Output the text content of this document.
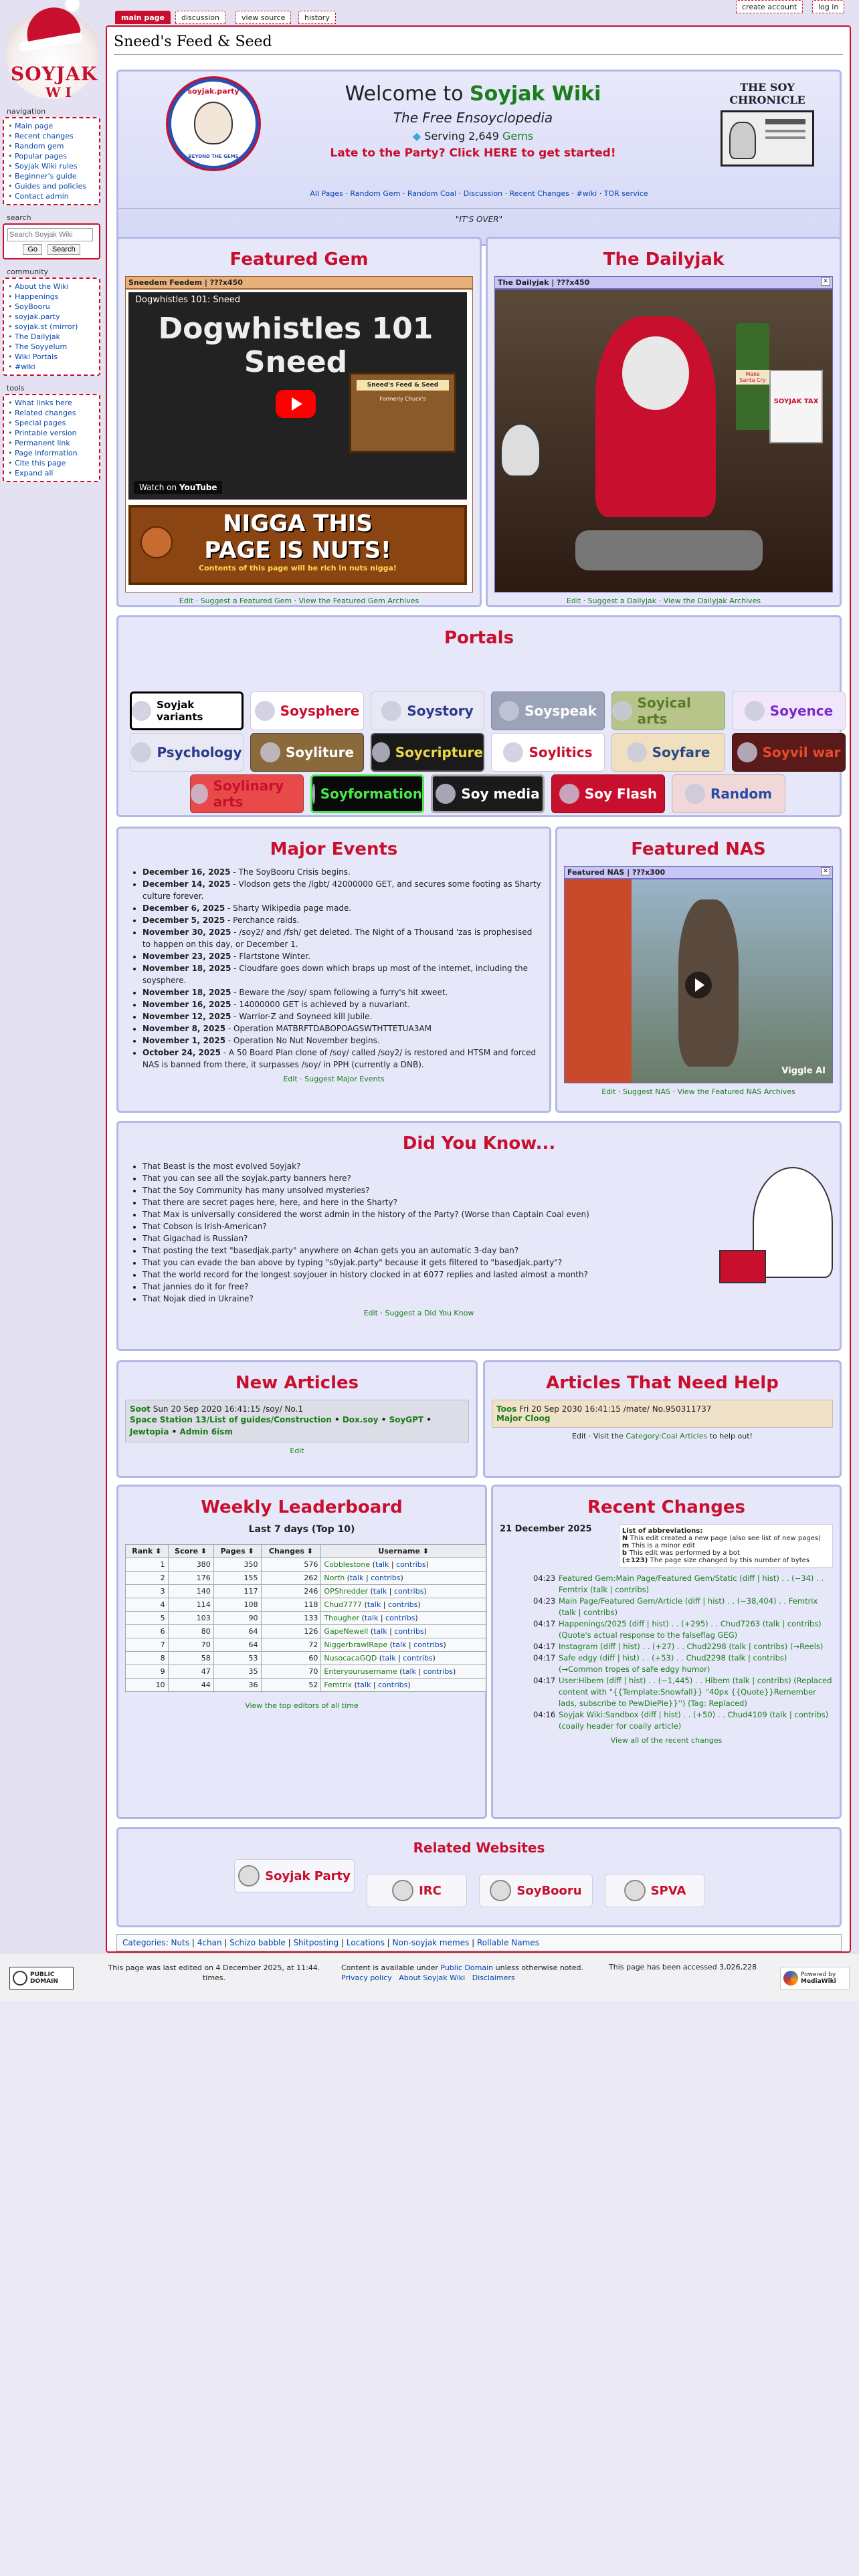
SOYJAK
W I
main page	discussion	view source	history
create account	log in
navigation
• Main page
• Recent changes
• Random gem
• Popular pages
• Soyjak Wiki rules
• Beginner's guide
• Guides and policies
• Contact admin
search
Search Soyjak Wiki
Go Search
community
• About the Wiki
• Happenings
• SoyBooru
• soyjak.party
• soyjak.st (mirror)
• The Dailyjak
• The Soyyelum
• Wiki Portals
• #wiki
tools
• What links here
• Related changes
• Special pages
• Printable version
• Permanent link
• Page information
• Cite this page
• Expand all
Sneed's Feed & Seed
soyjak.party
BEYOND THE GEMS
Welcome to Soyjak Wiki
The Free Ensoyclopedia
◆ Serving 2,649 Gems
Late to the Party? Click HERE to get started!
THE SOY CHRONICLE
All Pages · Random Gem · Random Coal · Discussion · Recent Changes · #wiki · TOR service
"IT'S OVER"
Featured Gem
Sneedem Feedem | ???x450
Dogwhistles 101: Sneed
Dogwhistles 101 Sneed
Sneed's Feed & Seed
Formerly Chuck's
Watch on YouTube
NIGGA THIS
PAGE IS NUTS!
Contents of this page will be rich in nuts nigga!
Edit · Suggest a Featured Gem · View the Featured Gem Archives
The Dailyjak
The Dailyjak | ???x450	✕
Make Santa Cry
SOYJAK TAX
Edit · Suggest a Dailyjak · View the Dailyjak Archives
Portals
Soyjak variants	Soysphere	Soystory	Soyspeak	Soyical arts	Soyence
Psychology	Soyliture	Soycripture	Soylitics	Soyfare	Soyvil war
Soylinary arts	Soyformation	Soy media	Soy Flash	Random
Major Events
• December 16, 2025 - The SoyBooru Crisis begins.
• December 14, 2025 - Vlodson gets the /lgbt/ 42000000 GET, and secures some footing as Sharty culture forever.
• December 6, 2025 - Sharty Wikipedia page made.
• December 5, 2025 - Perchance raids.
• November 30, 2025 - /soy2/ and /fsh/ get deleted. The Night of a Thousand 'zas is prophesised to happen on this day, or December 1.
• November 23, 2025 - Flartstone Winter.
• November 18, 2025 - Cloudfare goes down which braps up most of the internet, including the soysphere.
• November 18, 2025 - Beware the /soy/ spam following a furry's hit xweet.
• November 16, 2025 - 14000000 GET is achieved by a nuvariant.
• November 12, 2025 - Warrior-Z and Soyneed kill Jubile.
• November 8, 2025 - Operation MATBRFTDABOPOAGSWTHTTETUA3AM
• November 1, 2025 - Operation No Nut November begins.
• October 24, 2025 - A 50 Board Plan clone of /soy/ called /soy2/ is restored and HTSM and forced NAS is banned from there, it surpasses /soy/ in PPH (currently a DNB).
Edit · Suggest Major Events
Featured NAS
Featured NAS | ???x300	✕
Viggle AI
Edit · Suggest NAS · View the Featured NAS Archives
Did You Know...
• That Beast is the most evolved Soyjak?
• That you can see all the soyjak.party banners here?
• That the Soy Community has many unsolved mysteries?
• That there are secret pages here, here, and here in the Sharty?
• That Max is universally considered the worst admin in the history of the Party? (Worse than Captain Coal even)
• That Cobson is Irish-American?
• That Gigachad is Russian?
• That posting the text "basedjak.party" anywhere on 4chan gets you an automatic 3-day ban?
• That you can evade the ban above by typing "s0yjak.party" because it gets filtered to "basedjak.party"?
• That the world record for the longest soyjouer in history clocked in at 6077 replies and lasted almost a month?
• That jannies do it for free?
• That Nojak died in Ukraine?
Edit · Suggest a Did You Know
New Articles
Soot Sun 20 Sep 2020 16:41:15 /soy/ No.1
Space Station 13/List of guides/Construction • Dox.soy • SoyGPT • Jewtopia • Admin 6ism
Edit
Articles That Need Help
Toos Fri 20 Sep 2030 16:41:15 /mate/ No.950311737
Major Cloog
Edit · Visit the Category:Coal Articles to help out!
Weekly Leaderboard
Last 7 days (Top 10)
Rank ⬍	Score ⬍	Pages ⬍	Changes ⬍	Username ⬍
1	380	350	576	Cobblestone (talk | contribs)
2	176	155	262	North (talk | contribs)
3	140	117	246	OPShredder (talk | contribs)
4	114	108	118	Chud7777 (talk | contribs)
5	103	90	133	Thougher (talk | contribs)
6	80	64	126	GapeNewell (talk | contribs)
7	70	64	72	NiggerbrawlRape (talk | contribs)
8	58	53	60	NusocacaGQD (talk | contribs)
9	47	35	70	Enteryourusername (talk | contribs)
10	44	36	52	Femtrix (talk | contribs)
View the top editors of all time
Recent Changes
21 December 2025	List of abbreviations:
N This edit created a new page (also see list of new pages)
m This is a minor edit
b This edit was performed by a bot
(±123) The page size changed by this number of bytes
04:23 Featured Gem:Main Page/Featured Gem/Static (diff | hist) . . (−34) . . Femtrix (talk | contribs)
04:23 Main Page/Featured Gem/Article (diff | hist) . . (−38,404) . . Femtrix (talk | contribs)
04:17 Happenings/2025 (diff | hist) . . (+295) . . Chud7263 (talk | contribs) (Quote's actual response to the falseflag GEG)
04:17 Instagram (diff | hist) . . (+27) . . Chud2298 (talk | contribs) (→Reels)
04:17 Safe edgy (diff | hist) . . (+53) . . Chud2298 (talk | contribs) (→Common tropes of safe edgy humor)
04:17 User:Hibem (diff | hist) . . (−1,445) . . Hibem (talk | contribs) (Replaced content with "{{Template:Snowfall}} ''40px {{Quote}}Remember lads, subscribe to PewDiePie}}'') (Tag: Replaced)
04:16 Soyjak Wiki:Sandbox (diff | hist) . . (+50) . . Chud4109 (talk | contribs) (coaily header for coaily article)
View all of the recent changes
Related Websites
Soyjak Party
IRC	SoyBooru	SPVA
Categories: Nuts | 4chan | Schizo babble | Shitposting | Locations | Non-soyjak memes | Rollable Names
PUBLIC
DOMAIN
This page was last edited on 4 December 2025, at 11:44.
times.
Content is available under Public Domain unless otherwise noted.
Privacy policy About Soyjak Wiki Disclaimers
This page has been accessed 3,026,228
Powered by
MediaWiki
